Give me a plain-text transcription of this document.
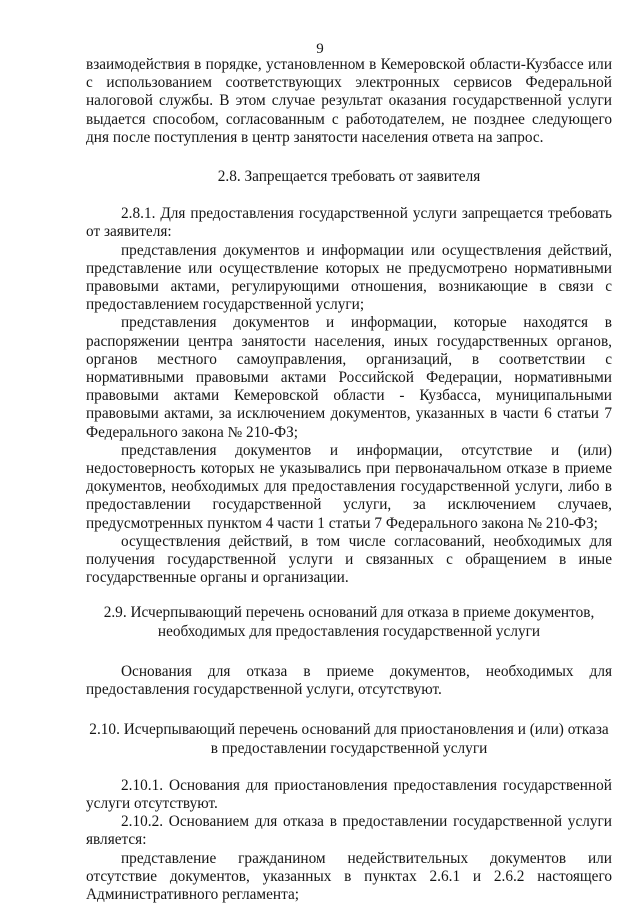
9

взаимодействия в порядке, установленном в Кемеровской области-Кузбассе или с использованием соответствующих электронных сервисов Федеральной налоговой службы. В этом случае результат оказания государственной услуги выдается способом, согласованным с работодателем, не позднее следующего дня после поступления в центр занятости населения ответа на запрос.

2.8. Запрещается требовать от заявителя

2.8.1. Для предоставления государственной услуги запрещается требовать от заявителя:

представления документов и информации или осуществления действий, представление или осуществление которых не предусмотрено нормативными правовыми актами, регулирующими отношения, возникающие в связи с предоставлением государственной услуги;

представления документов и информации, которые находятся в распоряжении центра занятости населения, иных государственных органов, органов местного самоуправления, организаций, в соответствии с нормативными правовыми актами Российской Федерации, нормативными правовыми актами Кемеровской области - Кузбасса, муниципальными правовыми актами, за исключением документов, указанных в части 6 статьи 7 Федерального закона № 210-ФЗ;

представления документов и информации, отсутствие и (или) недостоверность которых не указывались при первоначальном отказе в приеме документов, необходимых для предоставления государственной услуги, либо в предоставлении государственной услуги, за исключением случаев, предусмотренных пунктом 4 части 1 статьи 7 Федерального закона № 210-ФЗ;

осуществления действий, в том числе согласований, необходимых для получения государственной услуги и связанных с обращением в иные государственные органы и организации.

2.9. Исчерпывающий перечень оснований для отказа в приеме документов, необходимых для предоставления государственной услуги

Основания для отказа в приеме документов, необходимых для предоставления государственной услуги, отсутствуют.

2.10. Исчерпывающий перечень оснований для приостановления и (или) отказа в предоставлении государственной услуги

2.10.1. Основания для приостановления предоставления государственной услуги отсутствуют.

2.10.2. Основанием для отказа в предоставлении государственной услуги является:

представление гражданином недействительных документов или отсутствие документов, указанных в пунктах 2.6.1 и 2.6.2 настоящего Административного регламента;
